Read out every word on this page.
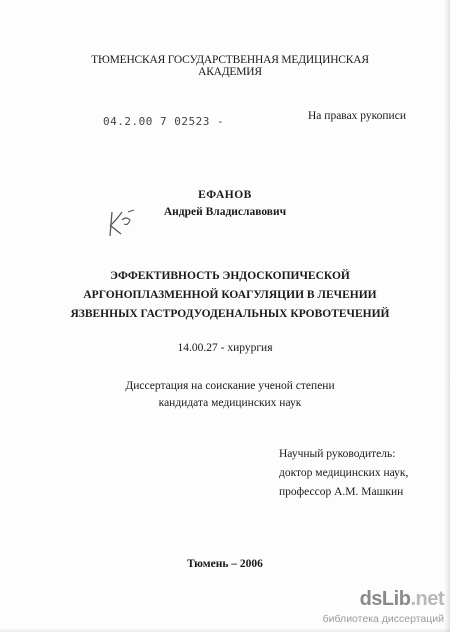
ТЮМЕНСКАЯ ГОСУДАРСТВЕННАЯ МЕДИЦИНСКАЯ АКАДЕМИЯ
04.2.00 7 02523 -	На правах рукописи
ЕФАНОВ
Андрей Владиславович
ЭФФЕКТИВНОСТЬ ЭНДОСКОПИЧЕСКОЙ
АРГОНОПЛАЗМЕННОЙ КОАГУЛЯЦИИ В ЛЕЧЕНИИ
ЯЗВЕННЫХ ГАСТРОДУОДЕНАЛЬНЫХ КРОВОТЕЧЕНИЙ
14.00.27 - хирургия
Диссертация на соискание ученой степени
кандидата медицинских наук
Научный руководитель:
доктор медицинских наук,
профессор А.М. Машкин
Тюмень – 2006
dsLib.net
библиотека диссертаций
